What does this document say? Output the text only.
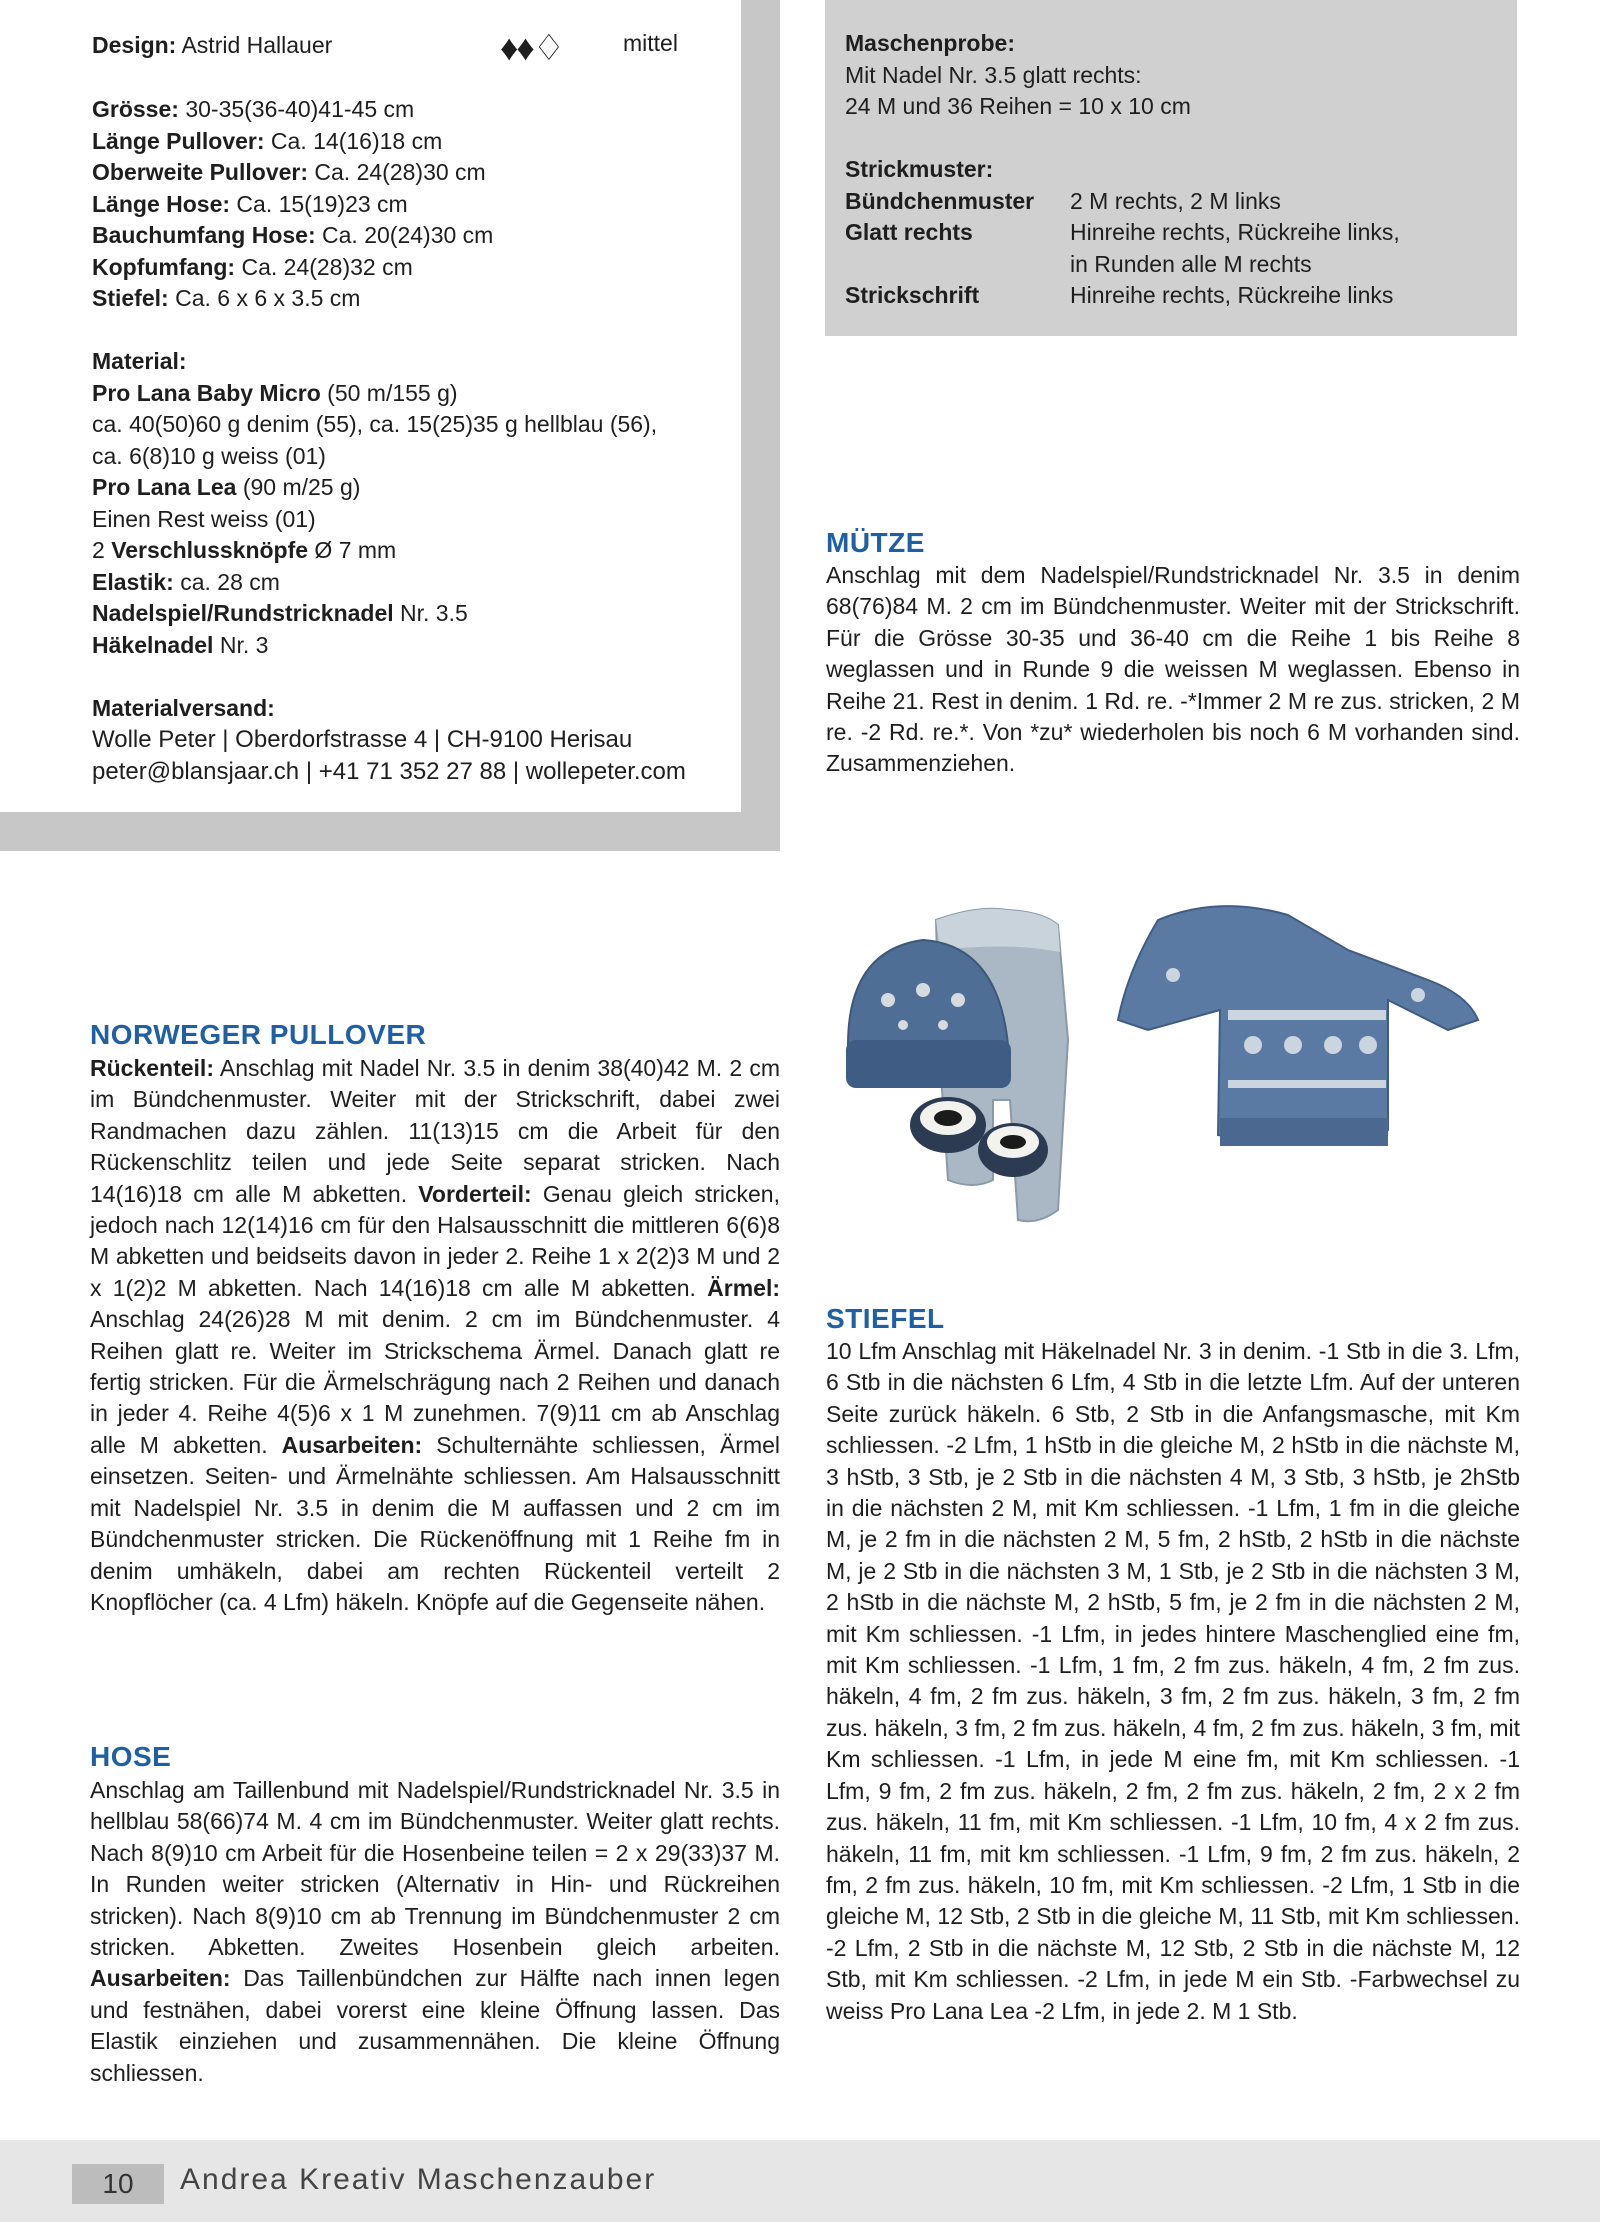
Design: Astrid Hallauer	♦♦♢	mittel
Grösse: 30-35(36-40)41-45 cm
Länge Pullover: Ca. 14(16)18 cm
Oberweite Pullover: Ca. 24(28)30 cm
Länge Hose: Ca. 15(19)23 cm
Bauchumfang Hose: Ca. 20(24)30 cm
Kopfumfang: Ca. 24(28)32 cm
Stiefel: Ca. 6 x 6 x 3.5 cm
Material:
Pro Lana Baby Micro (50 m/155 g)
ca. 40(50)60 g denim (55), ca. 15(25)35 g hellblau (56),
ca. 6(8)10 g weiss (01)
Pro Lana Lea (90 m/25 g)
Einen Rest weiss (01)
2 Verschlussknöpfe Ø 7 mm
Elastik: ca. 28 cm
Nadelspiel/Rundstricknadel Nr. 3.5
Häkelnadel Nr. 3
Materialversand:
Wolle Peter | Oberdorfstrasse 4 | CH-9100 Herisau
peter@blansjaar.ch | +41 71 352 27 88 | wollepeter.com
Maschenprobe:
Mit Nadel Nr. 3.5 glatt rechts:
24 M und 36 Reihen = 10 x 10 cm
Strickmuster:
Bündchenmuster	2 M rechts, 2 M links
Glatt rechts	Hinreihe rechts, Rückreihe links,
in Runden alle M rechts
Strickschrift	Hinreihe rechts, Rückreihe links
MÜTZE
Anschlag mit dem Nadelspiel/Rundstricknadel Nr. 3.5 in denim 68(76)84 M. 2 cm im Bündchenmuster. Weiter mit der Strickschrift. Für die Grösse 30-35 und 36-40 cm die Reihe 1 bis Reihe 8 weglassen und in Runde 9 die weissen M weglassen. Ebenso in Reihe 21. Rest in denim. 1 Rd. re. -*Immer 2 M re zus. stricken, 2 M re. -2 Rd. re.*. Von *zu* wiederholen bis noch 6 M vorhanden sind. Zusammenziehen.
NORWEGER PULLOVER
Rückenteil: Anschlag mit Nadel Nr. 3.5 in denim 38(40)42 M. 2 cm im Bündchenmuster. Weiter mit der Strickschrift, dabei zwei Randmachen dazu zählen. 11(13)15 cm die Arbeit für den Rückenschlitz teilen und jede Seite separat stricken. Nach 14(16)18 cm alle M abketten. Vorderteil: Genau gleich stricken, jedoch nach 12(14)16 cm für den Halsausschnitt die mittleren 6(6)8 M abketten und beidseits davon in jeder 2. Reihe 1 x 2(2)3 M und 2 x 1(2)2 M abketten. Nach 14(16)18 cm alle M abketten. Ärmel: Anschlag 24(26)28 M mit denim. 2 cm im Bündchenmuster. 4 Reihen glatt re. Weiter im Strickschema Ärmel. Danach glatt re fertig stricken. Für die Ärmelschrägung nach 2 Reihen und danach in jeder 4. Reihe 4(5)6 x 1 M zunehmen. 7(9)11 cm ab Anschlag alle M abketten. Ausarbeiten: Schulternähte schliessen, Ärmel einsetzen. Seiten- und Ärmelnähte schliessen. Am Halsausschnitt mit Nadelspiel Nr. 3.5 in denim die M auffassen und 2 cm im Bündchenmuster stricken. Die Rückenöffnung mit 1 Reihe fm in denim umhäkeln, dabei am rechten Rückenteil verteilt 2 Knopflöcher (ca. 4 Lfm) häkeln. Knöpfe auf die Gegenseite nähen.
HOSE
Anschlag am Taillenbund mit Nadelspiel/Rundstricknadel Nr. 3.5 in hellblau 58(66)74 M. 4 cm im Bündchenmuster. Weiter glatt rechts. Nach 8(9)10 cm Arbeit für die Hosenbeine teilen = 2 x 29(33)37 M. In Runden weiter stricken (Alternativ in Hin- und Rückreihen stricken). Nach 8(9)10 cm ab Trennung im Bündchenmuster 2 cm stricken. Abketten. Zweites Hosenbein gleich arbeiten. Ausarbeiten: Das Taillenbündchen zur Hälfte nach innen legen und festnähen, dabei vorerst eine kleine Öffnung lassen. Das Elastik einziehen und zusammennähen. Die kleine Öffnung schliessen.
STIEFEL
10 Lfm Anschlag mit Häkelnadel Nr. 3 in denim. -1 Stb in die 3. Lfm, 6 Stb in die nächsten 6 Lfm, 4 Stb in die letzte Lfm. Auf der unteren Seite zurück häkeln. 6 Stb, 2 Stb in die Anfangsmasche, mit Km schliessen. -2 Lfm, 1 hStb in die gleiche M, 2 hStb in die nächste M, 3 hStb, 3 Stb, je 2 Stb in die nächsten 4 M, 3 Stb, 3 hStb, je 2hStb in die nächsten 2 M, mit Km schliessen. -1 Lfm, 1 fm in die gleiche M, je 2 fm in die nächsten 2 M, 5 fm, 2 hStb, 2 hStb in die nächste M, je 2 Stb in die nächsten 3 M, 1 Stb, je 2 Stb in die nächsten 3 M, 2 hStb in die nächste M, 2 hStb, 5 fm, je 2 fm in die nächsten 2 M, mit Km schliessen. -1 Lfm, in jedes hintere Maschenglied eine fm, mit Km schliessen. -1 Lfm, 1 fm, 2 fm zus. häkeln, 4 fm, 2 fm zus. häkeln, 4 fm, 2 fm zus. häkeln, 3 fm, 2 fm zus. häkeln, 3 fm, 2 fm zus. häkeln, 3 fm, 2 fm zus. häkeln, 4 fm, 2 fm zus. häkeln, 3 fm, mit Km schliessen. -1 Lfm, in jede M eine fm, mit Km schliessen. -1 Lfm, 9 fm, 2 fm zus. häkeln, 2 fm, 2 fm zus. häkeln, 2 fm, 2 x 2 fm zus. häkeln, 11 fm, mit Km schliessen. -1 Lfm, 10 fm, 4 x 2 fm zus. häkeln, 11 fm, mit km schliessen. -1 Lfm, 9 fm, 2 fm zus. häkeln, 2 fm, 2 fm zus. häkeln, 10 fm, mit Km schliessen. -2 Lfm, 1 Stb in die gleiche M, 12 Stb, 2 Stb in die gleiche M, 11 Stb, mit Km schliessen. -2 Lfm, 2 Stb in die nächste M, 12 Stb, 2 Stb in die nächste M, 12 Stb, mit Km schliessen. -2 Lfm, in jede M ein Stb. -Farbwechsel zu weiss Pro Lana Lea -2 Lfm, in jede 2. M 1 Stb.
10	Andrea Kreativ Maschenzauber
